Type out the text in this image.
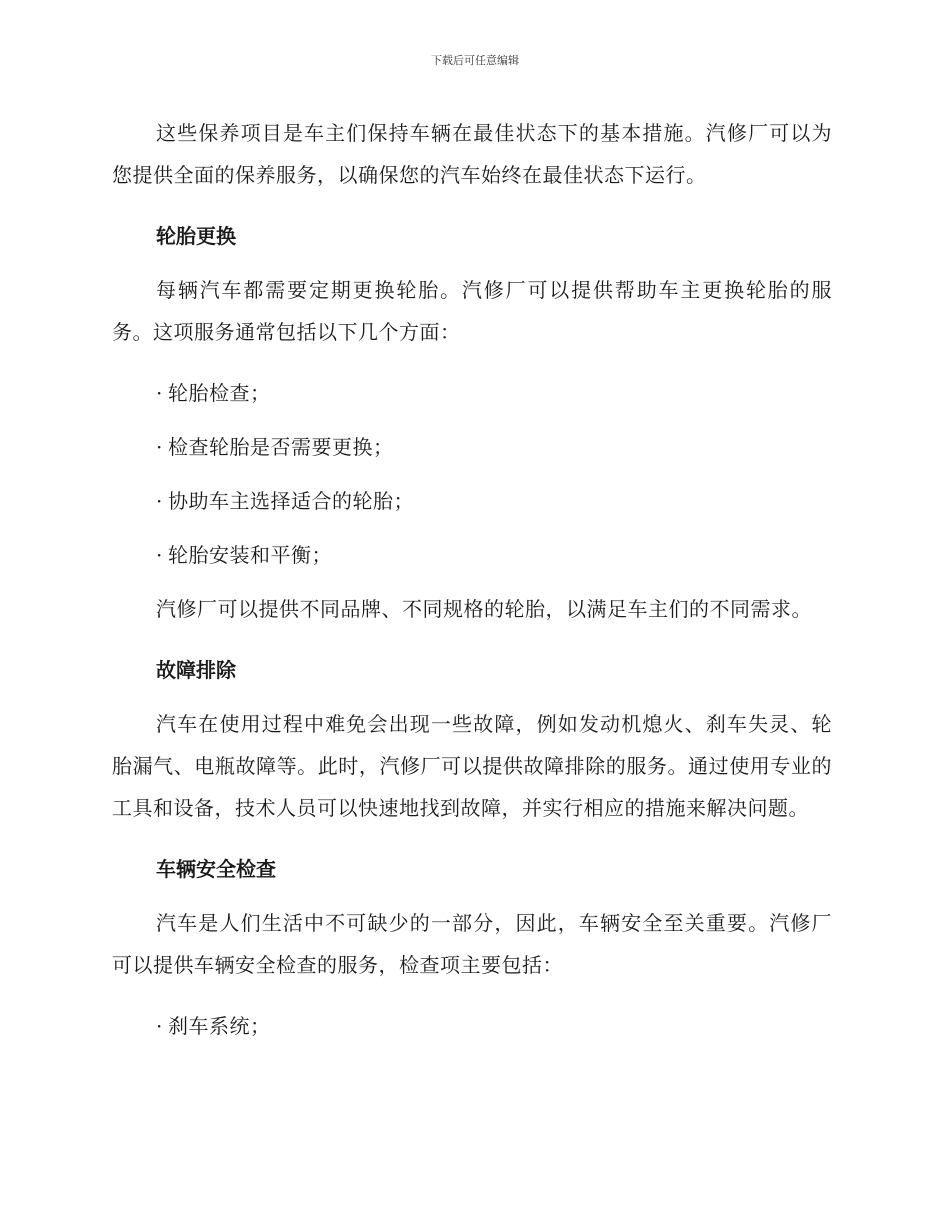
下载后可任意编辑

这些保养项目是车主们保持车辆在最佳状态下的基本措施。汽修厂可以为您提供全面的保养服务，以确保您的汽车始终在最佳状态下运行。

轮胎更换

每辆汽车都需要定期更换轮胎。汽修厂可以提供帮助车主更换轮胎的服务。这项服务通常包括以下几个方面：

· 轮胎检查；
· 检查轮胎是否需要更换；
· 协助车主选择适合的轮胎；
· 轮胎安装和平衡；

汽修厂可以提供不同品牌、不同规格的轮胎，以满足车主们的不同需求。

故障排除

汽车在使用过程中难免会出现一些故障，例如发动机熄火、刹车失灵、轮胎漏气、电瓶故障等。此时，汽修厂可以提供故障排除的服务。通过使用专业的工具和设备，技术人员可以快速地找到故障，并实行相应的措施来解决问题。

车辆安全检查

汽车是人们生活中不可缺少的一部分，因此，车辆安全至关重要。汽修厂可以提供车辆安全检查的服务，检查项主要包括：

· 刹车系统；
